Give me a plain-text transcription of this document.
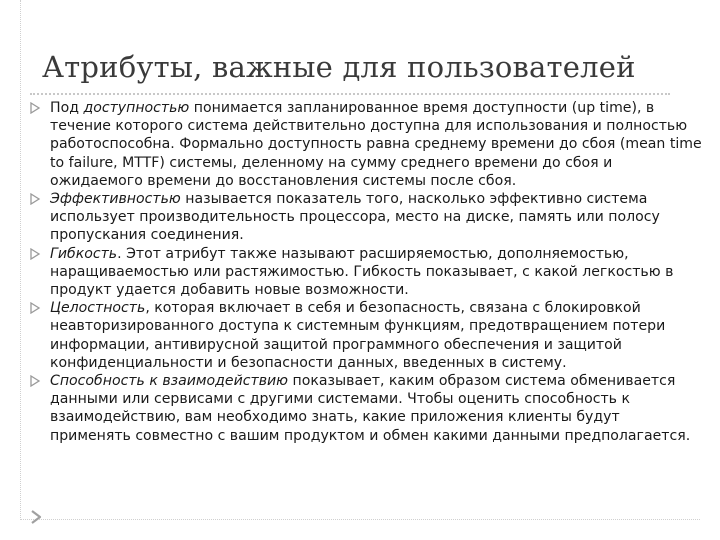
Атрибуты, важные для пользователей

Под доступностью понимается запланированное время доступности (up time), в течение которого система действительно доступна для использования и полностью работоспособна. Формально доступность равна среднему времени до сбоя (mean time to failure, MTTF) системы, деленному на сумму среднего времени до сбоя и ожидаемого времени до восстановления системы после сбоя.

Эффективностью называется показатель того, насколько эффективно система использует производительность процессора, место на диске, память или полосу пропускания соединения.

Гибкость. Этот атрибут также называют расширяемостью, дополняемостью, наращиваемостью или растяжимостью. Гибкость показывает, с какой легкостью в продукт удается добавить новые возможности.

Целостность, которая включает в себя и безопасность, связана с блокировкой неавторизированного доступа к системным функциям, предотвращением потери информации, антивирусной защитой программного обеспечения и защитой конфиденциальности и безопасности данных, введенных в систему.

Способность к взаимодействию показывает, каким образом система обменивается данными или сервисами с другими системами. Чтобы оценить способность к взаимодействию, вам необходимо знать, какие приложения клиенты будут применять совместно с вашим продуктом и обмен какими данными предполагается.
